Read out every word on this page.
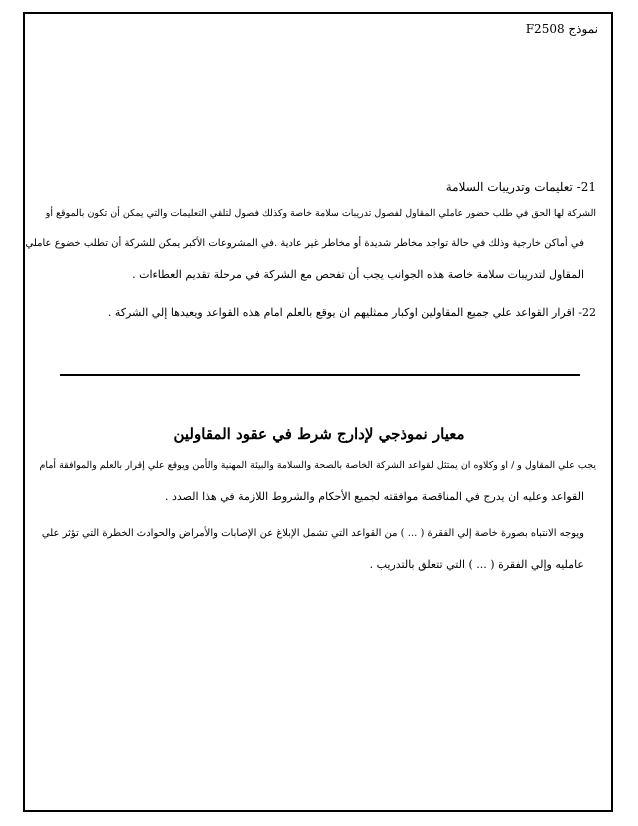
نموذج F2508
21- تعليمات وتدريبات السلامة
الشركة لها الحق في طلب حضور عاملي المقاول لفصول تدريبات سلامة خاصة وكذلك فصول لتلقي التعليمات والتي يمكن أن تكون بالموقع أو
في أماكن خارجية وذلك في حالة تواجد مخاطر شديدة أو مخاطر غير عادية .في المشروعات الأكبر يمكن للشركة أن تطلب خضوع عاملي
المقاول لتدريبات سلامة خاصة هذه الجوانب يجب أن تفحص مع الشركة في مرحلة تقديم العطاءات .
22- اقرار القواعد علي جميع المقاولين اوكبار ممثليهم ان يوقع بالعلم امام هذه القواعد ويعيدها إلي الشركة .
معيار نموذجي لإدارج شرط في عقود المقاولين
يجب علي المقاول و / او وكلاوه ان يمتثل لقواعد الشركة الخاصة بالصحة والسلامة والبيئة المهنية والأمن ويوقع علي إقرار بالعلم والموافقة أمام
القواعد وعليه ان يدرج في المناقصة موافقته لجميع الأحكام والشروط اللازمة في هذا الصدد .
ويوجه الانتباه بصورة خاصة إلي الفقرة ( ... ) من القواعد التي تشمل الإبلاغ عن الإصابات والأمراض والحوادث الخطرة التي تؤثر علي
عامليه وإلي الفقرة ( ... ) التي تتعلق بالتدريب .
